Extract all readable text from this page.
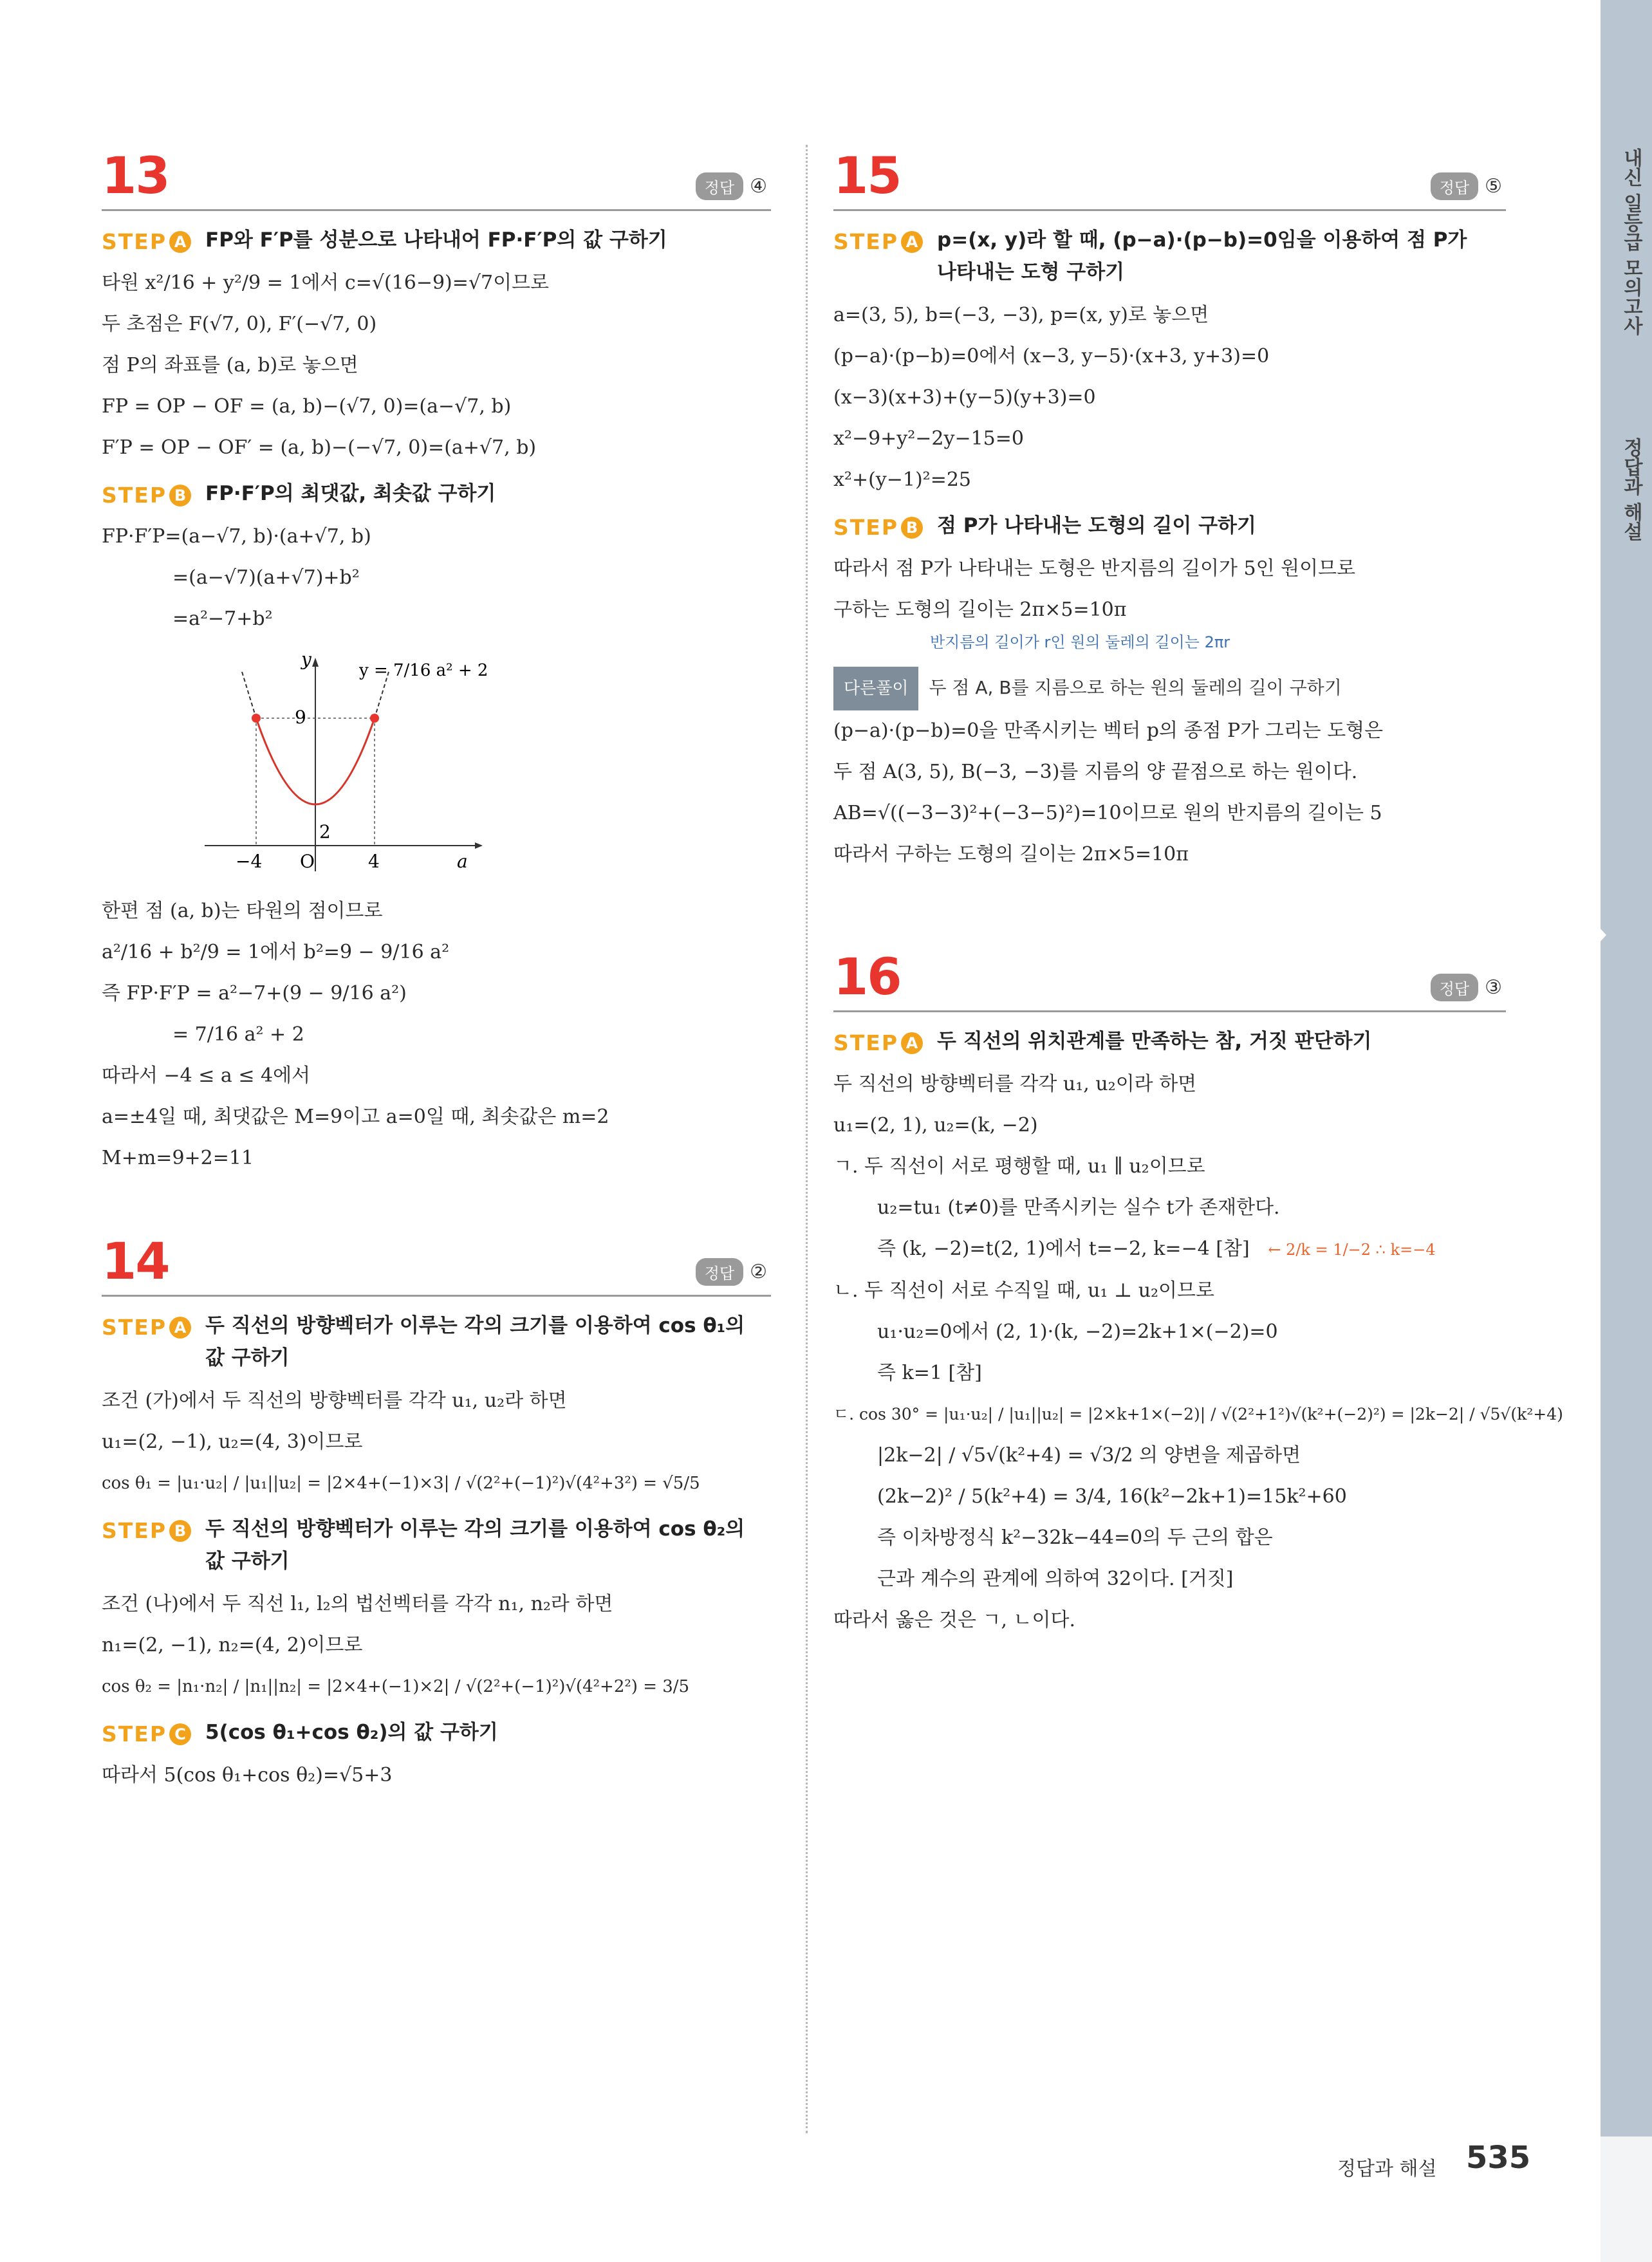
내신 일등급 모의고사
정답과 해설
13	정답 ④
STEP A FP와 F′P를 성분으로 나타내어 FP·F′P의 값 구하기
타원 x²/16 + y²/9 = 1에서 c=√(16−9)=√7이므로
두 초점은 F(√7, 0), F′(−√7, 0)
점 P의 좌표를 (a, b)로 놓으면
FP = OP − OF = (a, b)−(√7, 0)=(a−√7, b)
F′P = OP − OF′ = (a, b)−(−√7, 0)=(a+√7, b)
STEP B FP·F′P의 최댓값, 최솟값 구하기
FP·F′P=(a−√7, b)·(a+√7, b)
=(a−√7)(a+√7)+b²
=a²−7+b²
y
y = 7/16 a² + 2
9
2
−4 O	4	a
한편 점 (a, b)는 타원의 점이므로
a²/16 + b²/9 = 1에서 b²=9 − 9/16 a²
즉 FP·F′P = a²−7+(9 − 9/16 a²)
= 7/16 a² + 2
따라서 −4 ≤ a ≤ 4에서
a=±4일 때, 최댓값은 M=9이고 a=0일 때, 최솟값은 m=2
M+m=9+2=11
14	정답 ②
STEP A 두 직선의 방향벡터가 이루는 각의 크기를 이용하여 cos θ₁의 값 구하기
조건 (가)에서 두 직선의 방향벡터를 각각 u₁, u₂라 하면
u₁=(2, −1), u₂=(4, 3)이므로
cos θ₁ = |u₁·u₂| / |u₁||u₂| = |2×4+(−1)×3| / √(2²+(−1)²)√(4²+3²) = √5/5
STEP B 두 직선의 방향벡터가 이루는 각의 크기를 이용하여 cos θ₂의 값 구하기
조건 (나)에서 두 직선 l₁, l₂의 법선벡터를 각각 n₁, n₂라 하면
n₁=(2, −1), n₂=(4, 2)이므로
cos θ₂ = |n₁·n₂| / |n₁||n₂| = |2×4+(−1)×2| / √(2²+(−1)²)√(4²+2²) = 3/5
STEP C 5(cos θ₁+cos θ₂)의 값 구하기
따라서 5(cos θ₁+cos θ₂)=√5+3
15	정답 ⑤
STEP A p=(x, y)라 할 때, (p−a)·(p−b)=0임을 이용하여 점 P가 나타내는 도형 구하기
a=(3, 5), b=(−3, −3), p=(x, y)로 놓으면
(p−a)·(p−b)=0에서 (x−3, y−5)·(x+3, y+3)=0
(x−3)(x+3)+(y−5)(y+3)=0
x²−9+y²−2y−15=0
x²+(y−1)²=25
STEP B 점 P가 나타내는 도형의 길이 구하기
따라서 점 P가 나타내는 도형은 반지름의 길이가 5인 원이므로
구하는 도형의 길이는 2π×5=10π
반지름의 길이가 r인 원의 둘레의 길이는 2πr
다른풀이 두 점 A, B를 지름으로 하는 원의 둘레의 길이 구하기
(p−a)·(p−b)=0을 만족시키는 벡터 p의 종점 P가 그리는 도형은
두 점 A(3, 5), B(−3, −3)를 지름의 양 끝점으로 하는 원이다.
AB=√((−3−3)²+(−3−5)²)=10이므로 원의 반지름의 길이는 5
따라서 구하는 도형의 길이는 2π×5=10π
16	정답 ③
STEP A 두 직선의 위치관계를 만족하는 참, 거짓 판단하기
두 직선의 방향벡터를 각각 u₁, u₂이라 하면
u₁=(2, 1), u₂=(k, −2)
ㄱ. 두 직선이 서로 평행할 때, u₁ ∥ u₂이므로
u₂=tu₁ (t≠0)를 만족시키는 실수 t가 존재한다.
즉 (k, −2)=t(2, 1)에서 t=−2, k=−4 [참] ← 2/k = 1/−2 ∴ k=−4
ㄴ. 두 직선이 서로 수직일 때, u₁ ⊥ u₂이므로
u₁·u₂=0에서 (2, 1)·(k, −2)=2k+1×(−2)=0
즉 k=1 [참]
ㄷ. cos 30° = |u₁·u₂| / |u₁||u₂| = |2×k+1×(−2)| / √(2²+1²)√(k²+(−2)²) = |2k−2| / √5√(k²+4)
|2k−2| / √5√(k²+4) = √3/2 의 양변을 제곱하면
(2k−2)² / 5(k²+4) = 3/4, 16(k²−2k+1)=15k²+60
즉 이차방정식 k²−32k−44=0의 두 근의 합은
근과 계수의 관계에 의하여 32이다. [거짓]
따라서 옳은 것은 ㄱ, ㄴ이다.
정답과 해설 535
